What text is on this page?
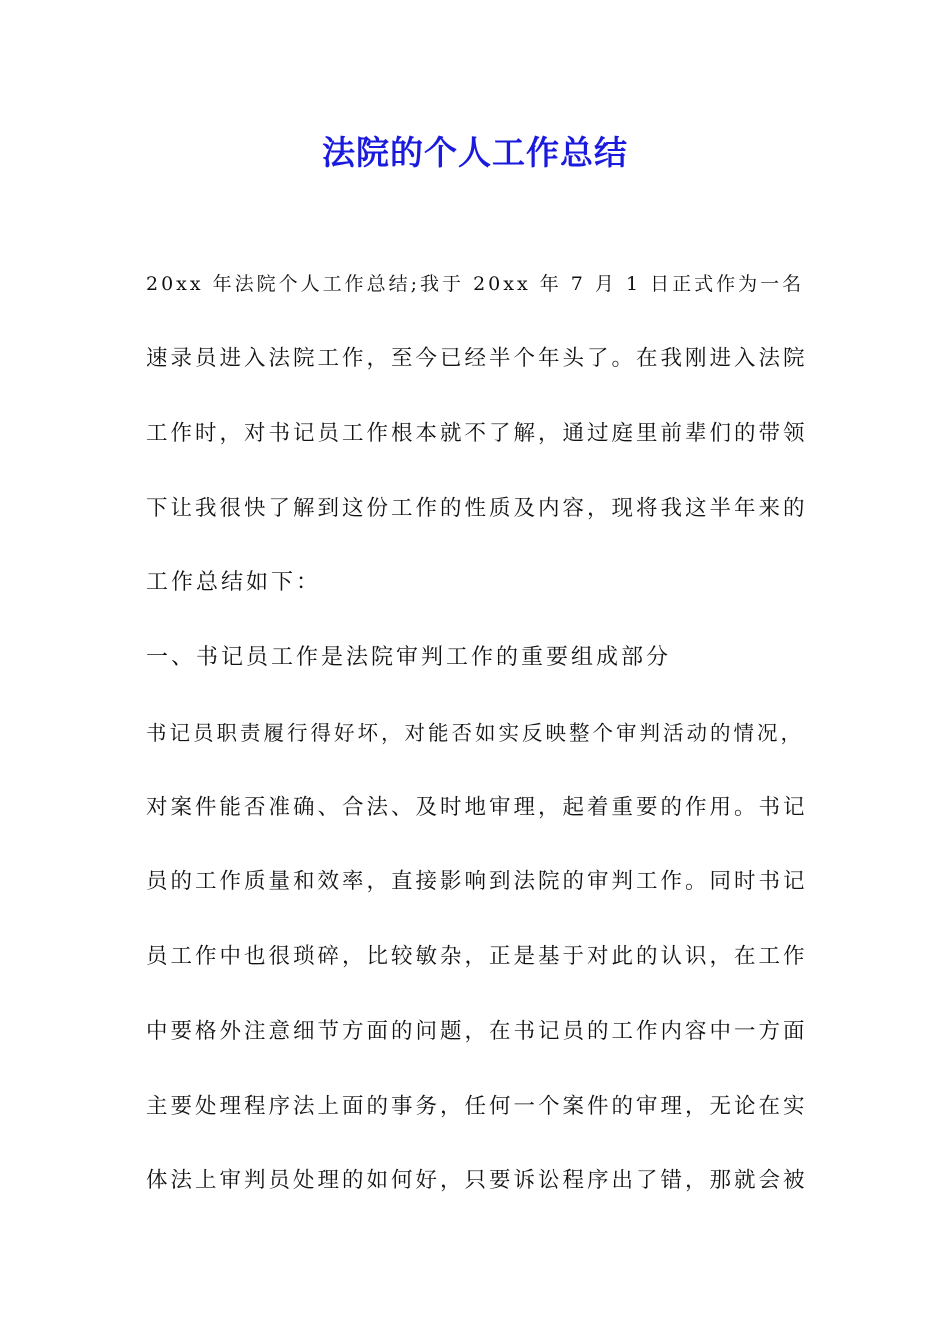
法院的个人工作总结
20xx 年法院个人工作总结;我于 20xx 年 7 月 1 日正式作为一名
速录员进入法院工作，至今已经半个年头了。在我刚进入法院
工作时，对书记员工作根本就不了解，通过庭里前辈们的带领
下让我很快了解到这份工作的性质及内容，现将我这半年来的
工作总结如下：
一、书记员工作是法院审判工作的重要组成部分
书记员职责履行得好坏，对能否如实反映整个审判活动的情况，
对案件能否准确、合法、及时地审理，起着重要的作用。书记
员的工作质量和效率，直接影响到法院的审判工作。同时书记
员工作中也很琐碎，比较敏杂，正是基于对此的认识，在工作
中要格外注意细节方面的问题，在书记员的工作内容中一方面
主要处理程序法上面的事务，任何一个案件的审理，无论在实
体法上审判员处理的如何好，只要诉讼程序出了错，那就会被
